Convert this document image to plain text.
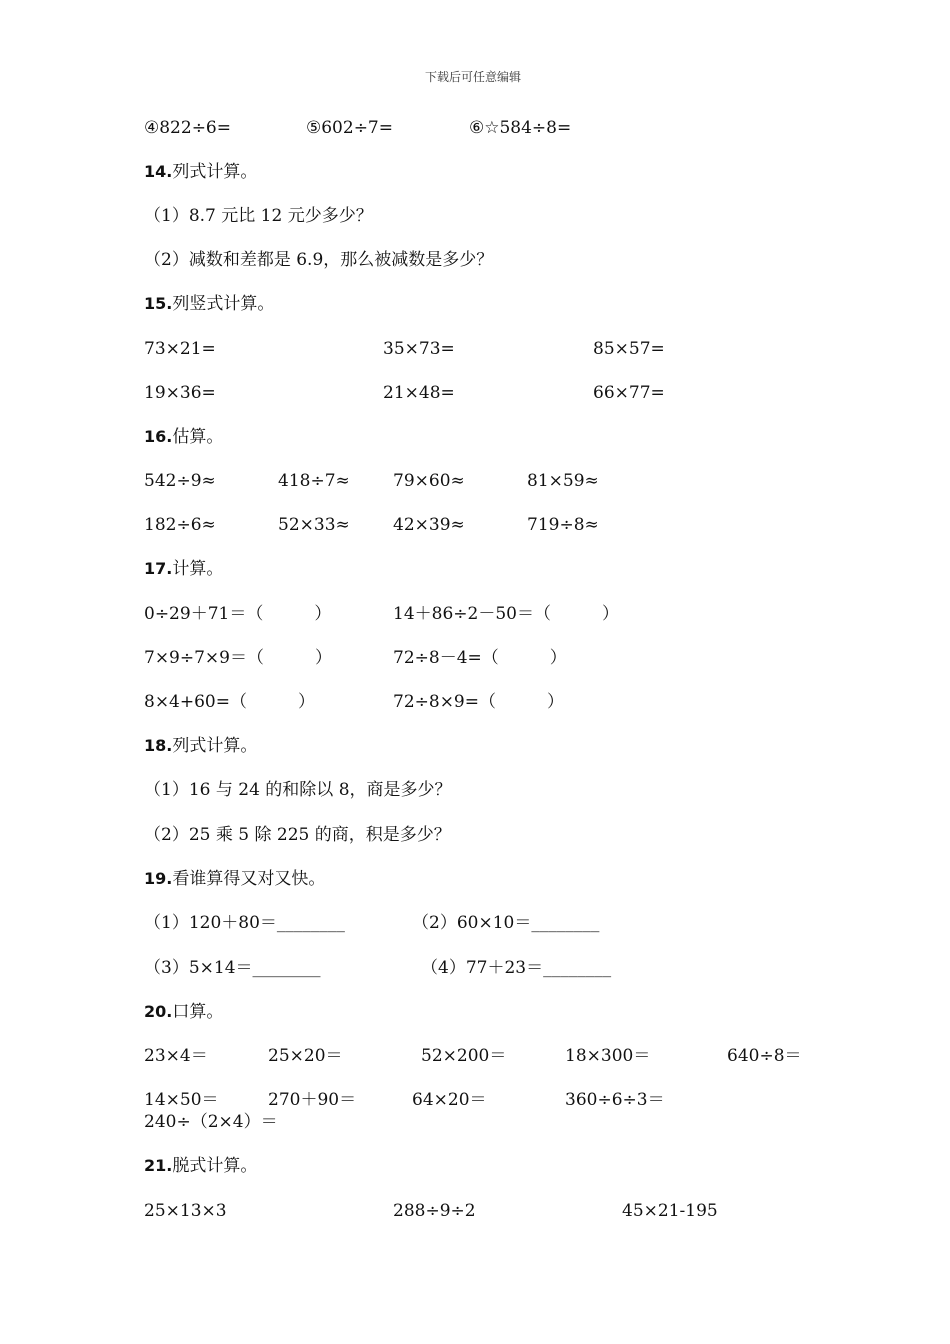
下载后可任意编辑
④822÷6=	⑤602÷7=	⑥☆584÷8=
14.列式计算。
（1）8.7 元比 12 元少多少？
（2）减数和差都是 6.9，那么被减数是多少？
15.列竖式计算。
73×21=	35×73=	85×57=
19×36=	21×48=	66×77=
16.估算。
542÷9≈	418÷7≈	79×60≈	81×59≈
182÷6≈	52×33≈	42×39≈	719÷8≈
17.计算。
0÷29＋71＝（　　　）	14＋86÷2－50＝（　　　）
7×9÷7×9＝（　　　）	72÷8－4=（　　　）
8×4+60=（　　　）	72÷8×9=（　　　）
18.列式计算。
（1）16 与 24 的和除以 8，商是多少？
（2）25 乘 5 除 225 的商，积是多少？
19.看谁算得又对又快。
（1）120＋80＝________	（2）60×10＝________
（3）5×14＝________	（4）77＋23＝________
20.口算。
23×4＝	25×20＝	52×200＝	18×300＝	640÷8＝
14×50＝	270＋90＝	64×20＝	360÷6÷3＝
240÷（2×4）＝
21.脱式计算。
25×13×3	288÷9÷2	45×21-195
